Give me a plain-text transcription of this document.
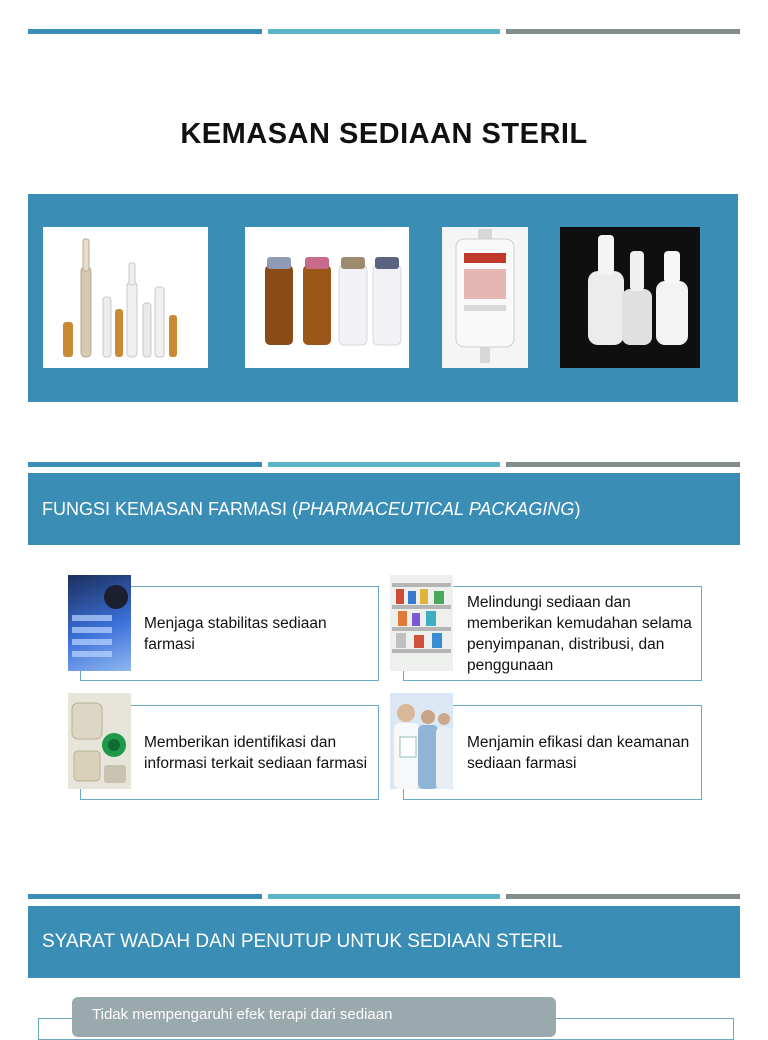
KEMASAN SEDIAAN STERIL
FUNGSI KEMASAN FARMASI ( PHARMACEUTICAL PACKAGING )
Menjaga stabilitas sediaan farmasi
Melindungi sediaan dan memberikan kemudahan selama penyimpanan, distribusi, dan penggunaan
Memberikan identifikasi dan informasi terkait sediaan farmasi
Menjamin efikasi dan keamanan sediaan farmasi
SYARAT WADAH DAN PENUTUP UNTUK SEDIAAN STERIL
Tidak mempengaruhi efek terapi dari sediaan
